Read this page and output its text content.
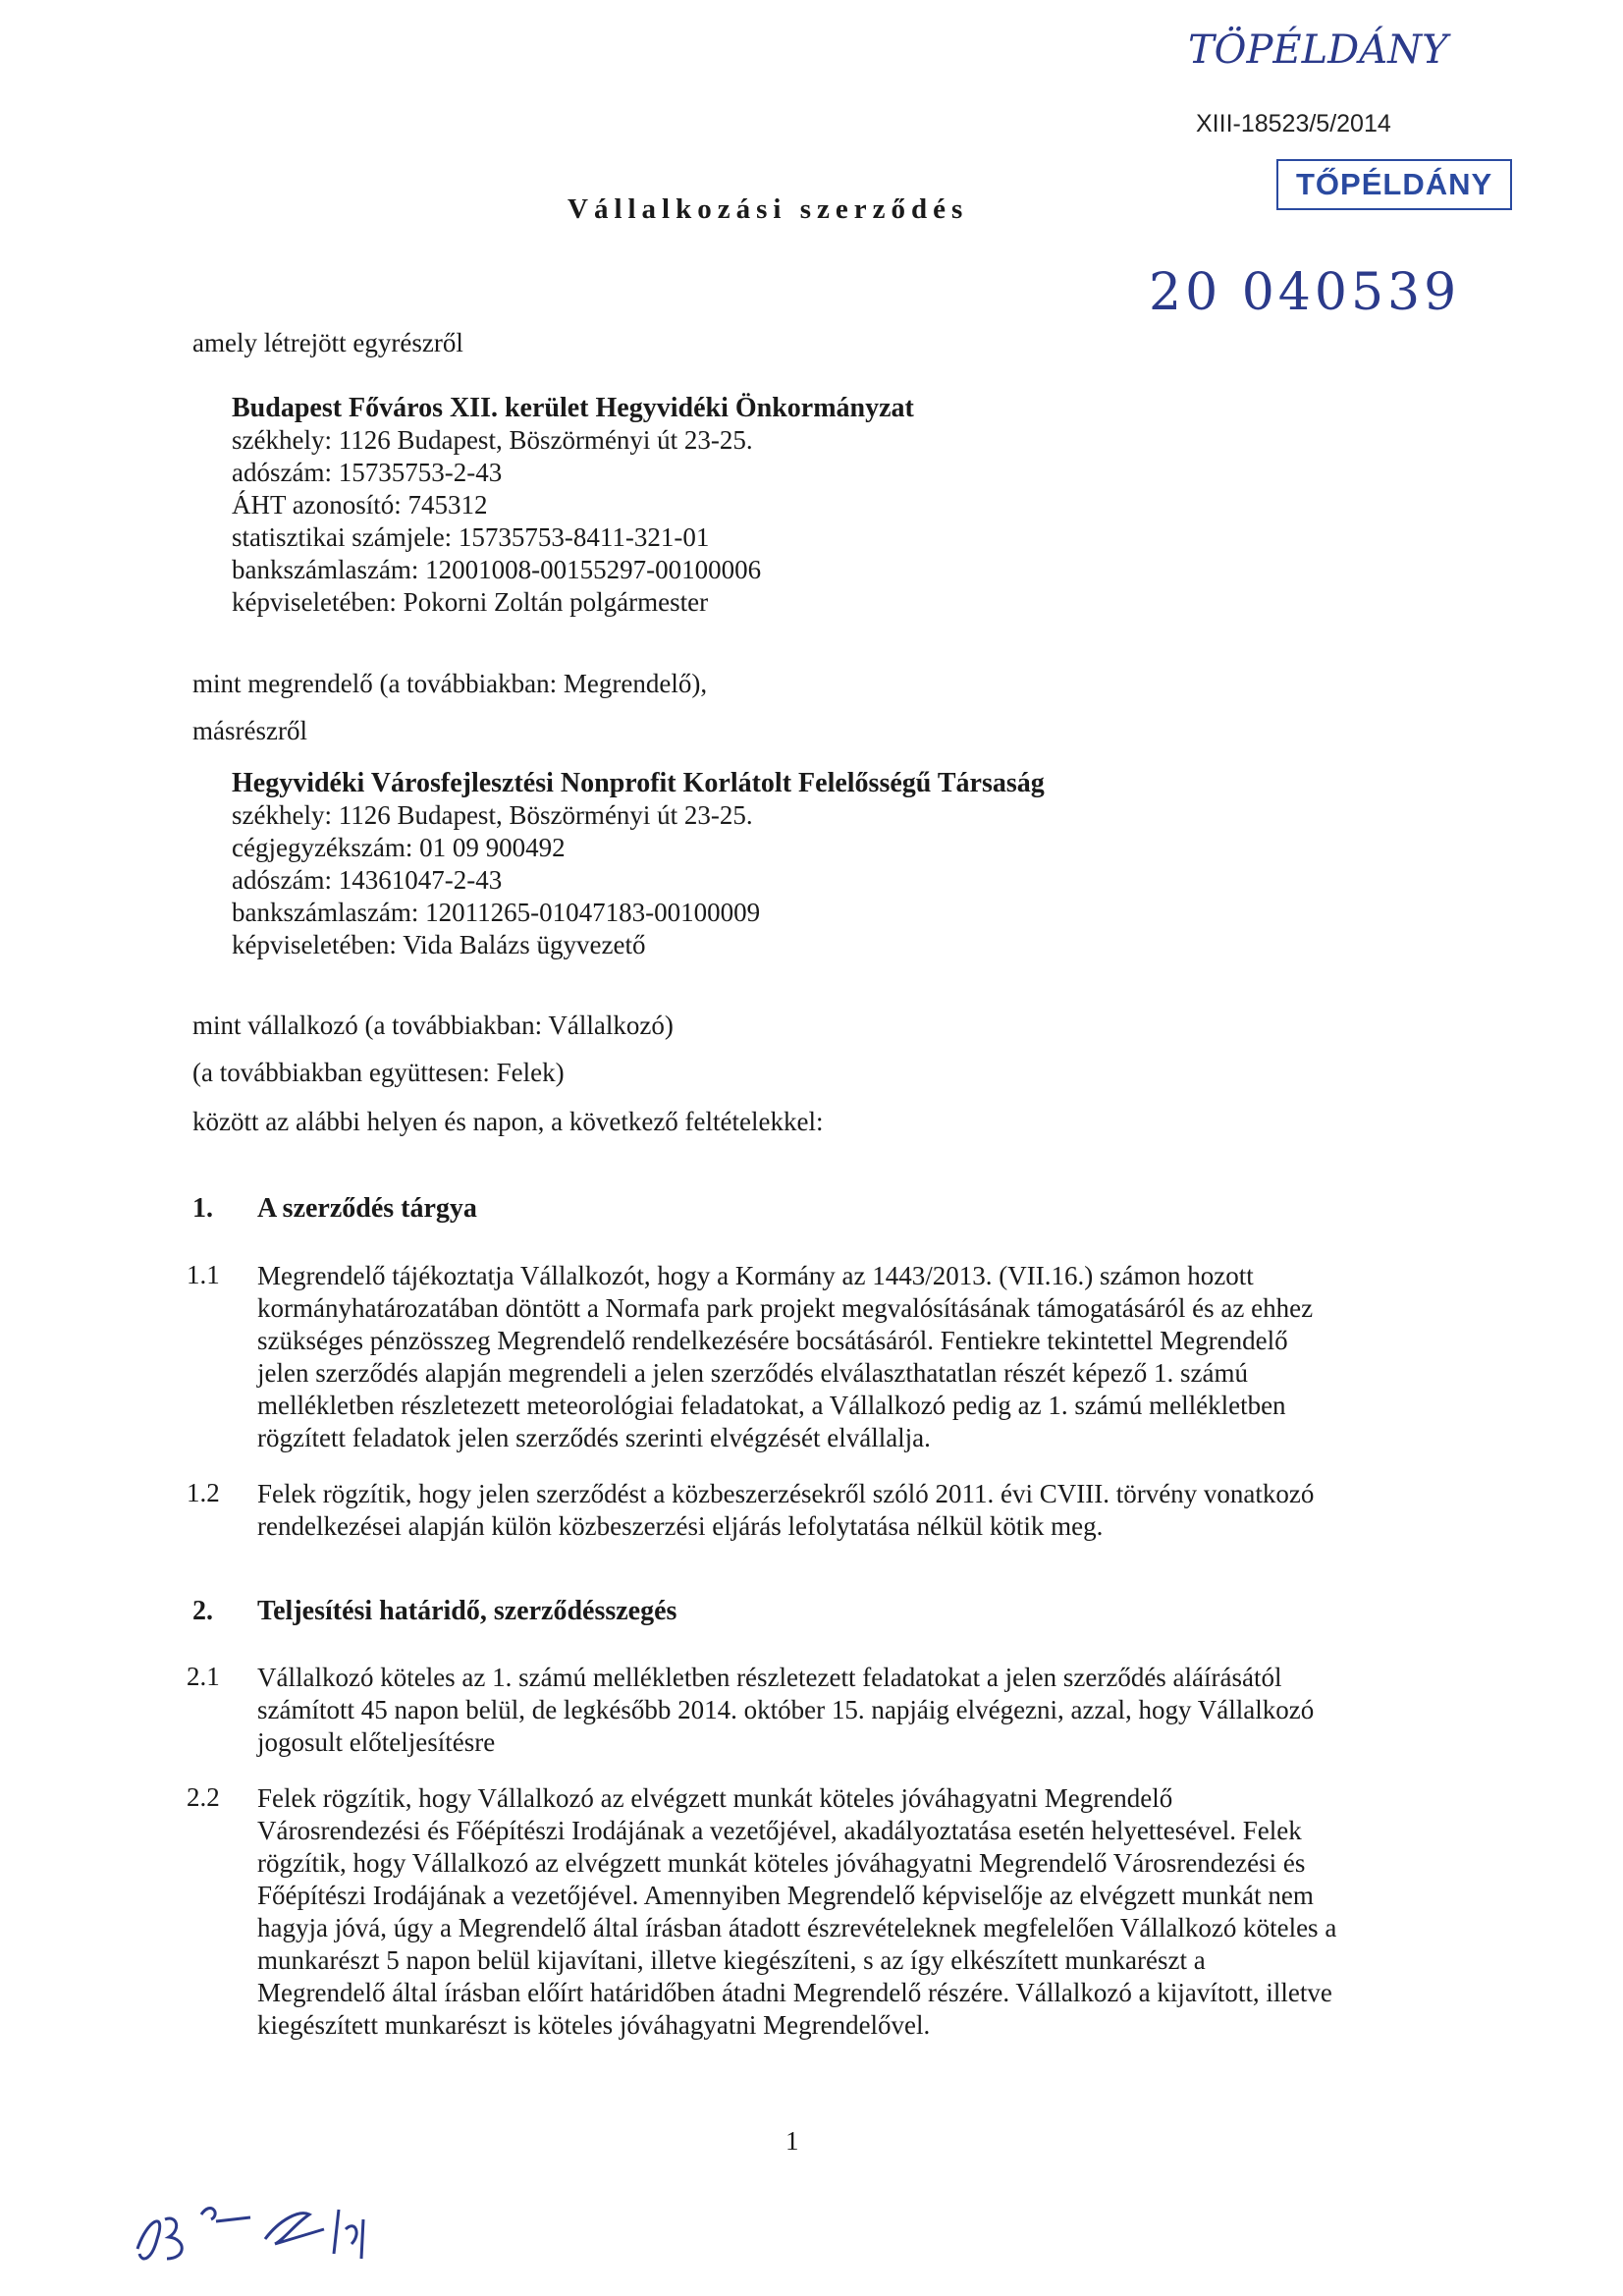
TÖPÉLDÁNY
XIII-18523/5/2014
TŐPÉLDÁNY
20 040539
Vállalkozási szerződés
amely létrejött egyrészről
Budapest Főváros XII. kerület Hegyvidéki Önkormányzat
székhely: 1126 Budapest, Böszörményi út 23-25.
adószám: 15735753-2-43
ÁHT azonosító: 745312
statisztikai számjele: 15735753-8411-321-01
bankszámlaszám: 12001008-00155297-00100006
képviseletében: Pokorni Zoltán polgármester
mint megrendelő (a továbbiakban: Megrendelő),
másrészről
Hegyvidéki Városfejlesztési Nonprofit Korlátolt Felelősségű Társaság
székhely: 1126 Budapest, Böszörményi út 23-25.
cégjegyzékszám: 01 09 900492
adószám: 14361047-2-43
bankszámlaszám: 12011265-01047183-00100009
képviseletében: Vida Balázs ügyvezető
mint vállalkozó (a továbbiakban: Vállalkozó)
(a továbbiakban együttesen: Felek)
között az alábbi helyen és napon, a következő feltételekkel:
1. A szerződés tárgya
1.1 Megrendelő tájékoztatja Vállalkozót, hogy a Kormány az 1443/2013. (VII.16.) számon hozott
kormányhatározatában döntött a Normafa park projekt megvalósításának támogatásáról és az ehhez
szükséges pénzösszeg Megrendelő rendelkezésére bocsátásáról. Fentiekre tekintettel Megrendelő
jelen szerződés alapján megrendeli a jelen szerződés elválaszthatatlan részét képező 1. számú
mellékletben részletezett meteorológiai feladatokat, a Vállalkozó pedig az 1. számú mellékletben
rögzített feladatok jelen szerződés szerinti elvégzését elvállalja.
1.2 Felek rögzítik, hogy jelen szerződést a közbeszerzésekről szóló 2011. évi CVIII. törvény vonatkozó
rendelkezései alapján külön közbeszerzési eljárás lefolytatása nélkül kötik meg.
2. Teljesítési határidő, szerződésszegés
2.1 Vállalkozó köteles az 1. számú mellékletben részletezett feladatokat a jelen szerződés aláírásától
számított 45 napon belül, de legkésőbb 2014. október 15. napjáig elvégezni, azzal, hogy Vállalkozó
jogosult előteljesítésre
2.2 Felek rögzítik, hogy Vállalkozó az elvégzett munkát köteles jóváhagyatni Megrendelő
Városrendezési és Főépítészi Irodájának a vezetőjével, akadályoztatása esetén helyettesével. Felek
rögzítik, hogy Vállalkozó az elvégzett munkát köteles jóváhagyatni Megrendelő Városrendezési és
Főépítészi Irodájának a vezetőjével. Amennyiben Megrendelő képviselője az elvégzett munkát nem
hagyja jóvá, úgy a Megrendelő által írásban átadott észrevételeknek megfelelően Vállalkozó köteles a
munkarészt 5 napon belül kijavítani, illetve kiegészíteni, s az így elkészített munkarészt a
Megrendelő által írásban előírt határidőben átadni Megrendelő részére. Vállalkozó a kijavított, illetve
kiegészített munkarészt is köteles jóváhagyatni Megrendelővel.
1
